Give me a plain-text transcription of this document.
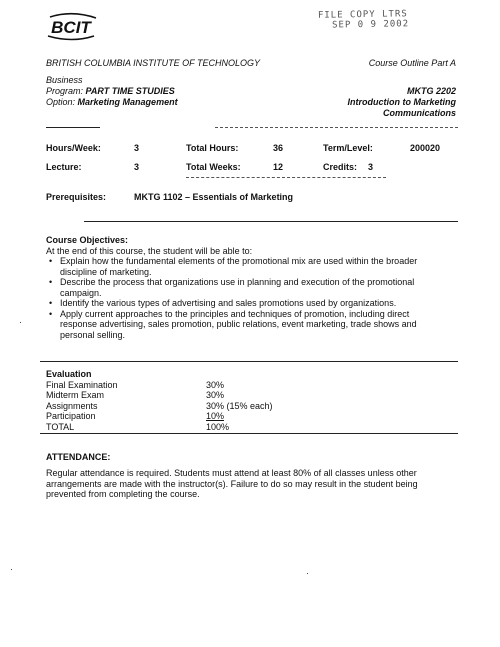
BCIT
FILE COPY LTRS
SEP 0 9 2002
BRITISH COLUMBIA INSTITUTE OF TECHNOLOGY	Course Outline Part A
Business
Program: PART TIME STUDIES
Option: Marketing Management
MKTG 2202
Introduction to Marketing
Communications
Hours/Week:	3	Total Hours:	36	Term/Level:	200020
Lecture:	3	Total Weeks:	12	Credits: 3
Prerequisites:	MKTG 1102 – Essentials of Marketing
Course Objectives:
At the end of this course, the student will be able to:
• Explain how the fundamental elements of the promotional mix are used within the broader
discipline of marketing.
• Describe the process that organizations use in planning and execution of the promotional
campaign.
• Identify the various types of advertising and sales promotions used by organizations.
• Apply current approaches to the principles and techniques of promotion, including direct
response advertising, sales promotion, public relations, event marketing, trade shows and
personal selling.
Evaluation
Final Examination	30%
Midterm Exam	30%
Assignments	30% (15% each)
Participation	10%
TOTAL	100%
ATTENDANCE:

Regular attendance is required. Students must attend at least 80% of all classes unless other
arrangements are made with the instructor(s). Failure to do so may result in the student being
prevented from completing the course.
